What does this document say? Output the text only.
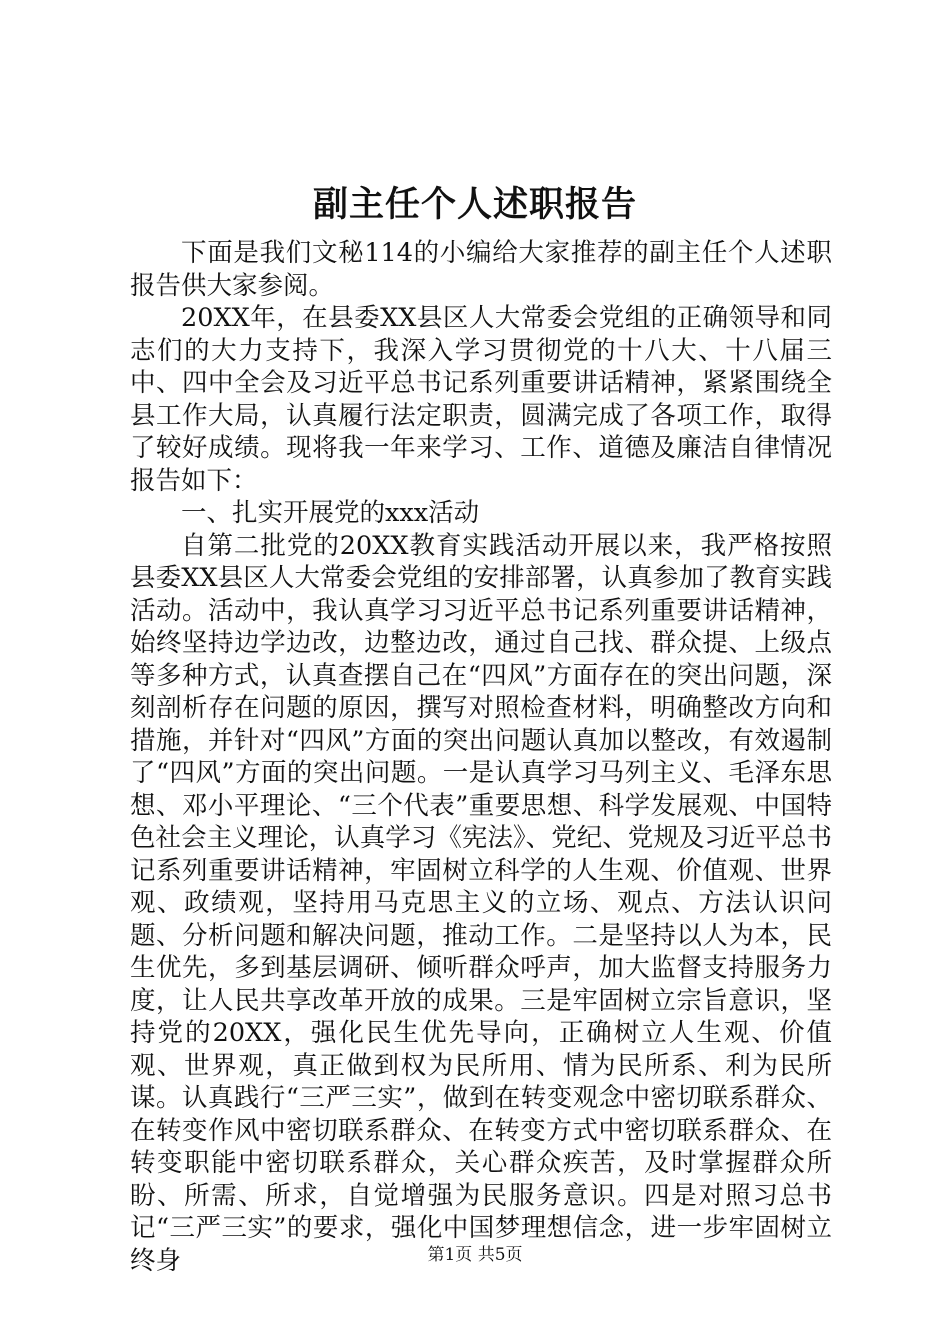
副主任个人述职报告

下面是我们文秘114的小编给大家推荐的副主任个人述职报告供大家参阅。

20XX年，在县委XX县区人大常委会党组的正确领导和同志们的大力支持下，我深入学习贯彻党的十八大、十八届三中、四中全会及习近平总书记系列重要讲话精神，紧紧围绕全县工作大局，认真履行法定职责，圆满完成了各项工作，取得了较好成绩。现将我一年来学习、工作、道德及廉洁自律情况报告如下：

一、扎实开展党的xxx活动

自第二批党的20XX教育实践活动开展以来，我严格按照县委XX县区人大常委会党组的安排部署，认真参加了教育实践活动。活动中，我认真学习习近平总书记系列重要讲话精神，始终坚持边学边改，边整边改，通过自己找、群众提、上级点等多种方式，认真查摆自己在“四风”方面存在的突出问题，深刻剖析存在问题的原因，撰写对照检查材料，明确整改方向和措施，并针对“四风”方面的突出问题认真加以整改，有效遏制了“四风”方面的突出问题。一是认真学习马列主义、毛泽东思想、邓小平理论、“三个代表”重要思想、科学发展观、中国特色社会主义理论，认真学习《宪法》、党纪、党规及习近平总书记系列重要讲话精神，牢固树立科学的人生观、价值观、世界观、政绩观，坚持用马克思主义的立场、观点、方法认识问题、分析问题和解决问题，推动工作。二是坚持以人为本，民生优先，多到基层调研、倾听群众呼声，加大监督支持服务力度，让人民共享改革开放的成果。三是牢固树立宗旨意识，坚持党的20XX，强化民生优先导向，正确树立人生观、价值观、世界观，真正做到权为民所用、情为民所系、利为民所谋。认真践行“三严三实”，做到在转变观念中密切联系群众、在转变作风中密切联系群众、在转变方式中密切联系群众、在转变职能中密切联系群众，关心群众疾苦，及时掌握群众所盼、所需、所求，自觉增强为民服务意识。四是对照习总书记“三严三实”的要求，强化中国梦理想信念，进一步牢固树立终身	第1页 共5页
